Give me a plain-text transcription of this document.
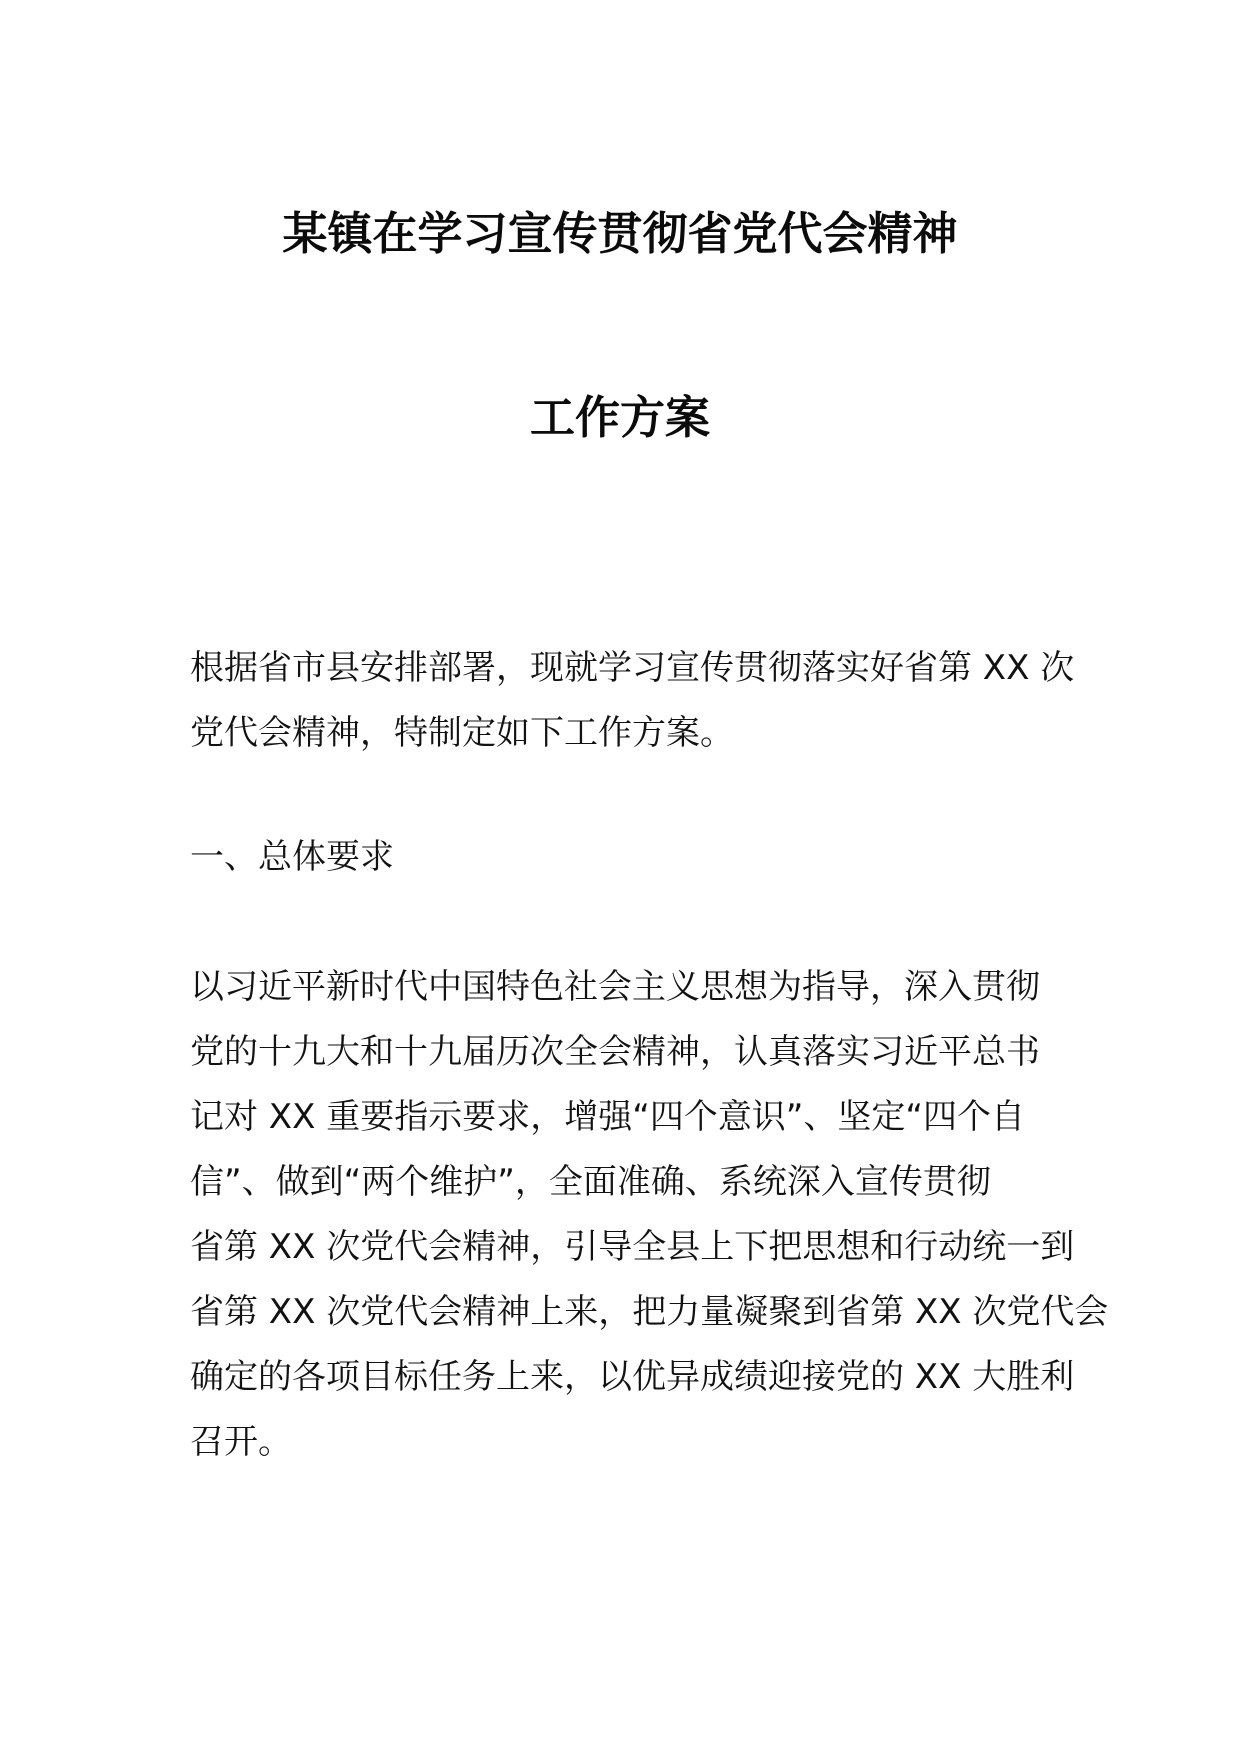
某镇在学习宣传贯彻省党代会精神
工作方案
根据省市县安排部署，现就学习宣传贯彻落实好省第 XX 次
党代会精神，特制定如下工作方案。
一、总体要求
以习近平新时代中国特色社会主义思想为指导，深入贯彻
党的十九大和十九届历次全会精神，认真落实习近平总书
记对 XX 重要指示要求，增强“四个意识”、坚定“四个自
信”、做到“两个维护”，全面准确、系统深入宣传贯彻
省第 XX 次党代会精神，引导全县上下把思想和行动统一到
省第 XX 次党代会精神上来，把力量凝聚到省第 XX 次党代会
确定的各项目标任务上来，以优异成绩迎接党的 XX 大胜利
召开。
